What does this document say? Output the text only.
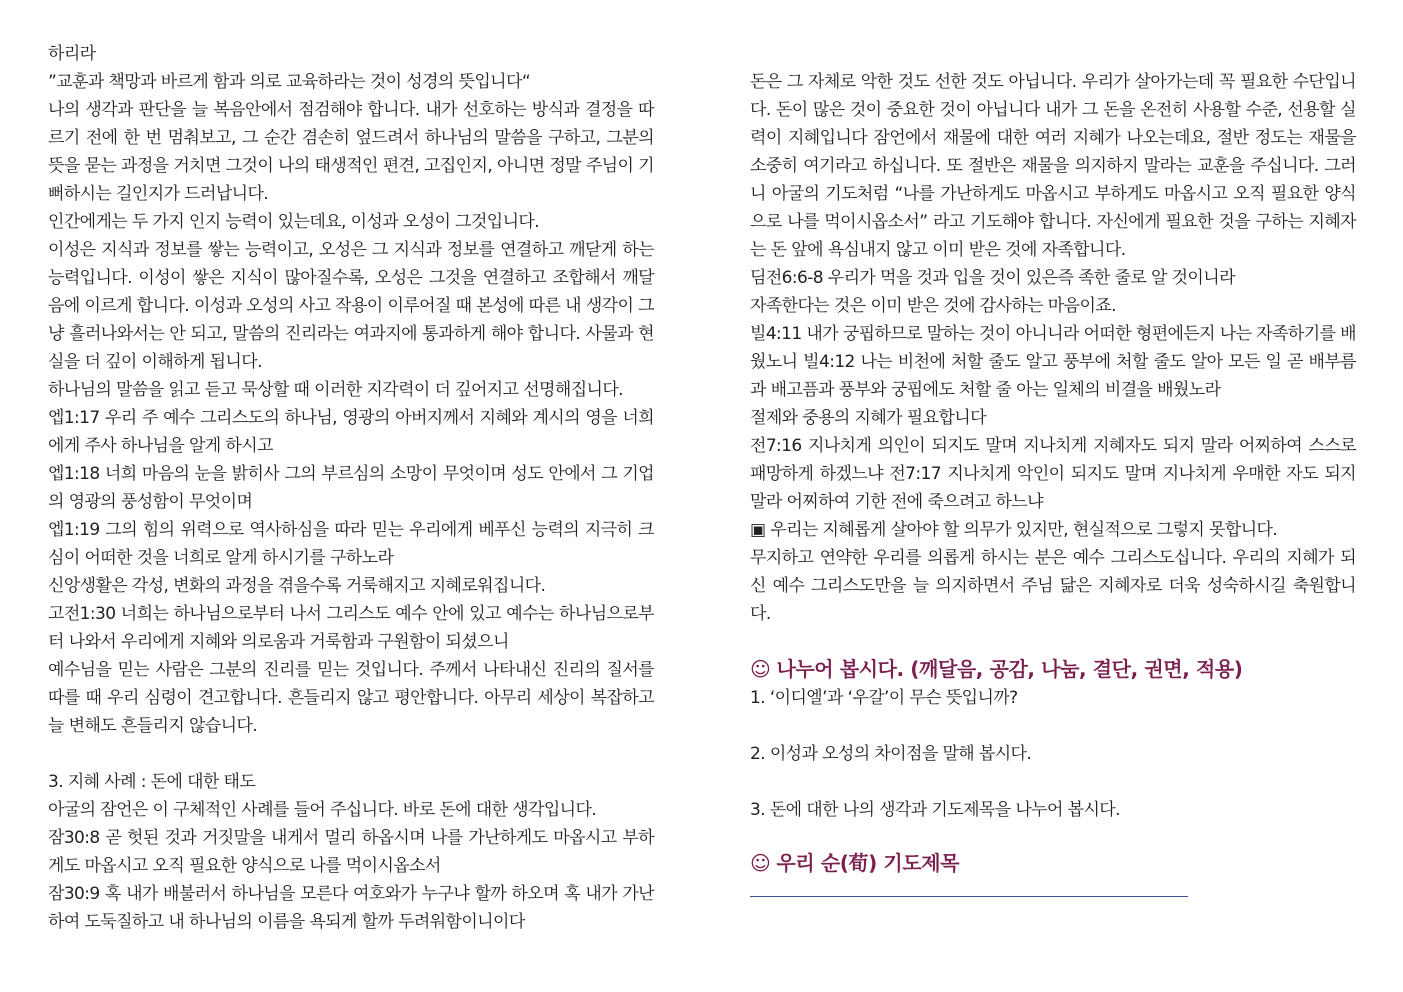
하리라

”교훈과 책망과 바르게 함과 의로 교육하라는 것이 성경의 뜻입니다“

나의 생각과 판단을 늘 복음안에서 점검해야 합니다. 내가 선호하는 방식과 결정을 따르기 전에 한 번 멈춰보고, 그 순간 겸손히 엎드려서 하나님의 말씀을 구하고, 그분의 뜻을 묻는 과정을 거치면 그것이 나의 태생적인 편견, 고집인지, 아니면 정말 주님이 기뻐하시는 길인지가 드러납니다.

인간에게는 두 가지 인지 능력이 있는데요, 이성과 오성이 그것입니다.

이성은 지식과 정보를 쌓는 능력이고, 오성은 그 지식과 정보를 연결하고 깨닫게 하는 능력입니다. 이성이 쌓은 지식이 많아질수록, 오성은 그것을 연결하고 조합해서 깨달음에 이르게 합니다. 이성과 오성의 사고 작용이 이루어질 때 본성에 따른 내 생각이 그냥 흘러나와서는 안 되고, 말씀의 진리라는 여과지에 통과하게 해야 합니다. 사물과 현실을 더 깊이 이해하게 됩니다.

하나님의 말씀을 읽고 듣고 묵상할 때 이러한 지각력이 더 깊어지고 선명해집니다.

엡1:17 우리 주 예수 그리스도의 하나님, 영광의 아버지께서 지혜와 계시의 영을 너희에게 주사 하나님을 알게 하시고

엡1:18 너희 마음의 눈을 밝히사 그의 부르심의 소망이 무엇이며 성도 안에서 그 기업의 영광의 풍성함이 무엇이며

엡1:19 그의 힘의 위력으로 역사하심을 따라 믿는 우리에게 베푸신 능력의 지극히 크심이 어떠한 것을 너희로 알게 하시기를 구하노라

신앙생활은 각성, 변화의 과정을 겪을수록 거룩해지고 지혜로워집니다.

고전1:30 너희는 하나님으로부터 나서 그리스도 예수 안에 있고 예수는 하나님으로부터 나와서 우리에게 지혜와 의로움과 거룩함과 구원함이 되셨으니

예수님을 믿는 사람은 그분의 진리를 믿는 것입니다. 주께서 나타내신 진리의 질서를 따를 때 우리 심령이 견고합니다. 흔들리지 않고 평안합니다. 아무리 세상이 복잡하고 늘 변해도 흔들리지 않습니다.

3. 지혜 사례 : 돈에 대한 태도

아굴의 잠언은 이 구체적인 사례를 들어 주십니다. 바로 돈에 대한 생각입니다.

잠30:8 곧 헛된 것과 거짓말을 내게서 멀리 하옵시며 나를 가난하게도 마옵시고 부하게도 마옵시고 오직 필요한 양식으로 나를 먹이시옵소서

잠30:9 혹 내가 배불러서 하나님을 모른다 여호와가 누구냐 할까 하오며 혹 내가 가난하여 도둑질하고 내 하나님의 이름을 욕되게 할까 두려워함이니이다

돈은 그 자체로 악한 것도 선한 것도 아닙니다. 우리가 살아가는데 꼭 필요한 수단입니다. 돈이 많은 것이 중요한 것이 아닙니다 내가 그 돈을 온전히 사용할 수준, 선용할 실력이 지혜입니다 잠언에서 재물에 대한 여러 지혜가 나오는데요, 절반 정도는 재물을 소중히 여기라고 하십니다. 또 절반은 재물을 의지하지 말라는 교훈을 주십니다. 그러니 아굴의 기도처럼 “나를 가난하게도 마옵시고 부하게도 마옵시고 오직 필요한 양식으로 나를 먹이시옵소서” 라고 기도해야 합니다. 자신에게 필요한 것을 구하는 지혜자는 돈 앞에 욕심내지 않고 이미 받은 것에 자족합니다.

딤전6:6-8 우리가 먹을 것과 입을 것이 있은즉 족한 줄로 알 것이니라

자족한다는 것은 이미 받은 것에 감사하는 마음이죠.

빌4:11 내가 궁핍하므로 말하는 것이 아니니라 어떠한 형편에든지 나는 자족하기를 배웠노니 빌4:12 나는 비천에 처할 줄도 알고 풍부에 처할 줄도 알아 모든 일 곧 배부름과 배고픔과 풍부와 궁핍에도 처할 줄 아는 일체의 비결을 배웠노라

절제와 중용의 지혜가 필요합니다

전7:16 지나치게 의인이 되지도 말며 지나치게 지혜자도 되지 말라 어찌하여 스스로 패망하게 하겠느냐 전7:17 지나치게 악인이 되지도 말며 지나치게 우매한 자도 되지 말라 어찌하여 기한 전에 죽으려고 하느냐

▣ 우리는 지혜롭게 살아야 할 의무가 있지만, 현실적으로 그렇지 못합니다.

무지하고 연약한 우리를 의롭게 하시는 분은 예수 그리스도십니다. 우리의 지혜가 되신 예수 그리스도만을 늘 의지하면서 주님 닮은 지혜자로 더욱 성숙하시길 축원합니다.

☺ 나누어 봅시다. (깨달음, 공감, 나눔, 결단, 권면, 적용)

1. ‘이디엘’과 ‘우갈’이 무슨 뜻입니까?

2. 이성과 오성의 차이점을 말해 봅시다.

3. 돈에 대한 나의 생각과 기도제목을 나누어 봅시다.

☺ 우리 순(荀) 기도제목
